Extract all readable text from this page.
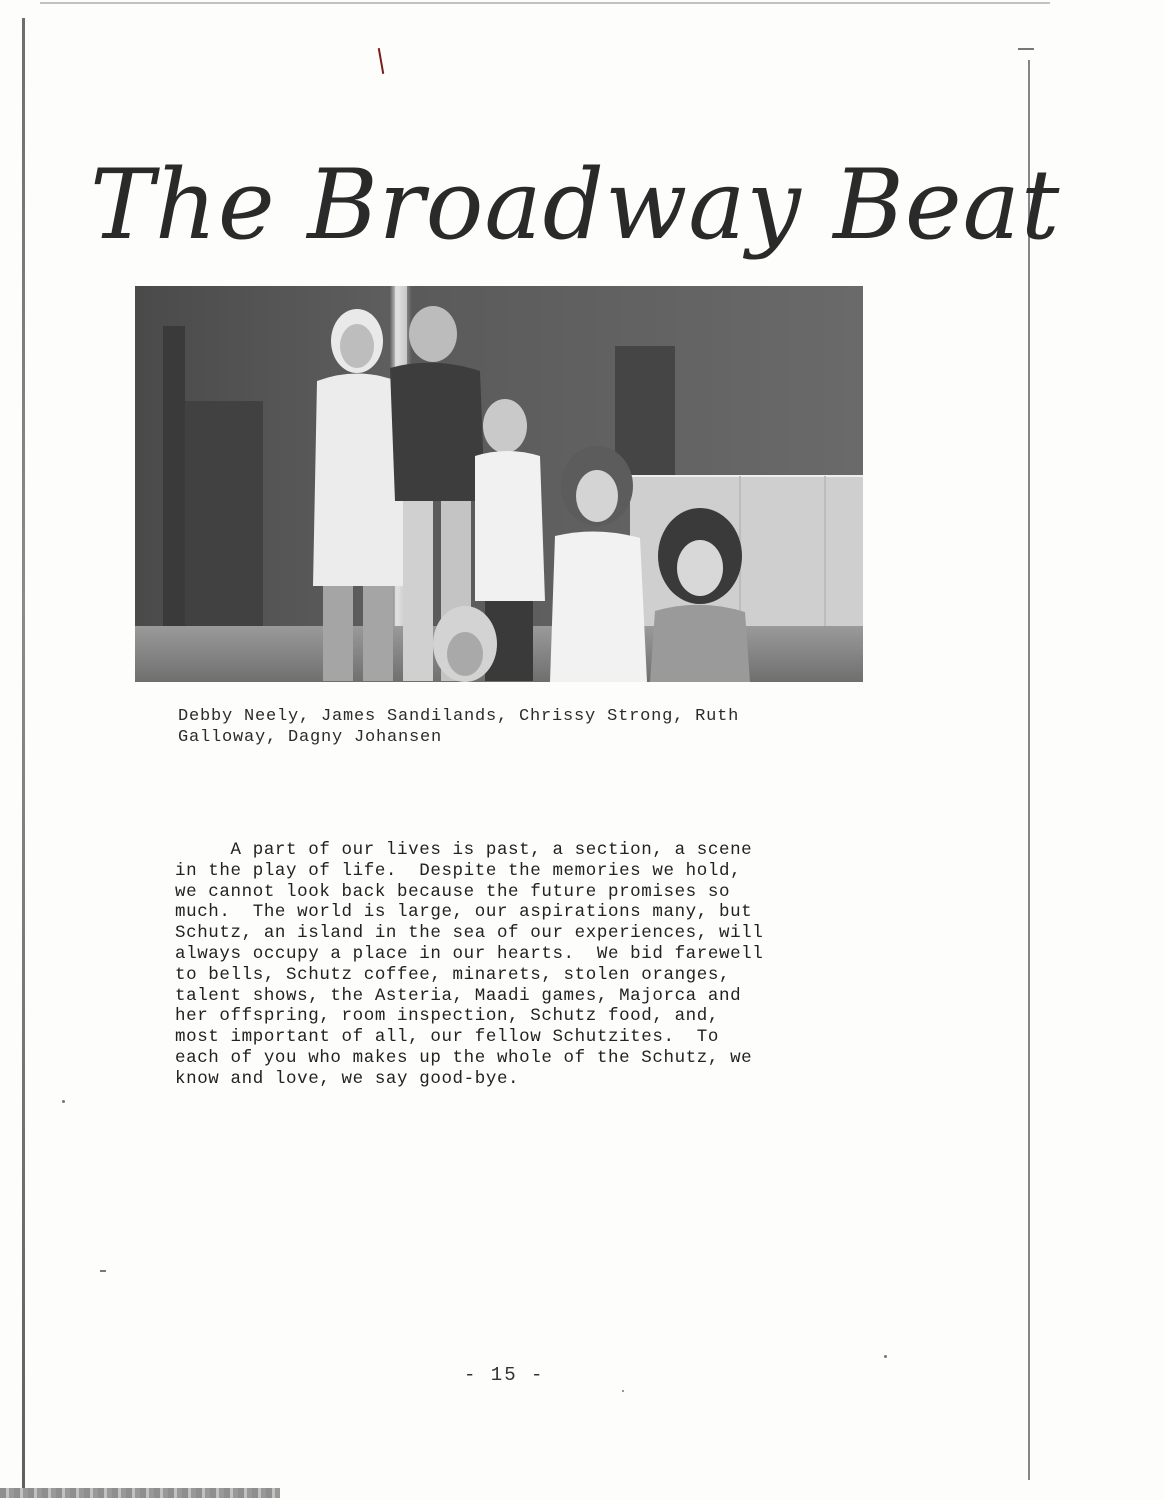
The Broadway Beat
Debby Neely, James Sandilands, Chrissy Strong, Ruth
Galloway, Dagny Johansen
A part of our lives is past, a section, a scene
in the play of life.  Despite the memories we hold,
we cannot look back because the future promises so
much.  The world is large, our aspirations many, but
Schutz, an island in the sea of our experiences, will
always occupy a place in our hearts.  We bid farewell
to bells, Schutz coffee, minarets, stolen oranges,
talent shows, the Asteria, Maadi games, Majorca and
her offspring, room inspection, Schutz food, and,
most important of all, our fellow Schutzites.  To
each of you who makes up the whole of the Schutz, we
know and love, we say good-bye.
- 15 -
